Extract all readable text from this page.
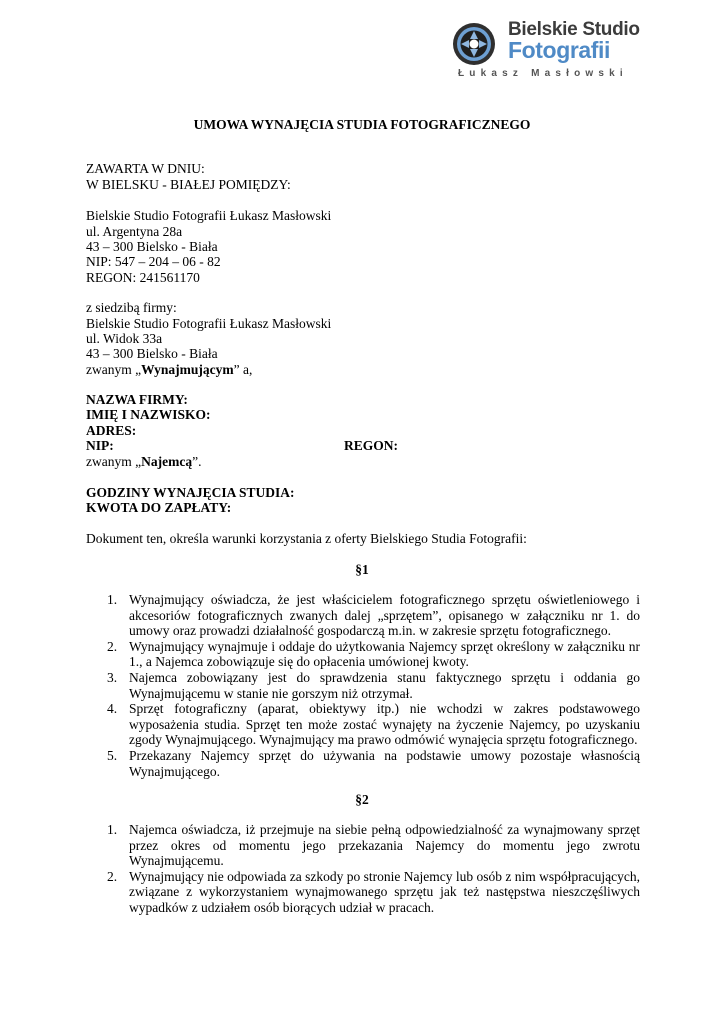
Bielskie Studio
Fotografii
Łukasz Masłowski
UMOWA WYNAJĘCIA STUDIA FOTOGRAFICZNEGO
ZAWARTA W DNIU:
W BIELSKU - BIAŁEJ POMIĘDZY:
Bielskie Studio Fotografii Łukasz Masłowski
ul. Argentyna 28a
43 – 300 Bielsko - Biała
NIP: 547 – 204 – 06 - 82
REGON: 241561170
z siedzibą firmy:
Bielskie Studio Fotografii Łukasz Masłowski
ul. Widok 33a
43 – 300 Bielsko - Biała
zwanym „Wynajmującym” a,
NAZWA FIRMY:
IMIĘ I NAZWISKO:
ADRES:
NIP:	REGON:
zwanym „Najemcą”.
GODZINY WYNAJĘCIA STUDIA:
KWOTA DO ZAPŁATY:
Dokument ten, określa warunki korzystania z oferty Bielskiego Studia Fotografii:
§1
1. Wynajmujący oświadcza, że jest właścicielem fotograficznego sprzętu oświetleniowego i akcesoriów fotograficznych zwanych dalej „sprzętem”, opisanego w załączniku nr 1. do umowy oraz prowadzi działalność gospodarczą m.in. w zakresie sprzętu fotograficznego.
2. Wynajmujący wynajmuje i oddaje do użytkowania Najemcy sprzęt określony w załączniku nr 1., a Najemca zobowiązuje się do opłacenia umówionej kwoty.
3. Najemca zobowiązany jest do sprawdzenia stanu faktycznego sprzętu i oddania go Wynajmującemu w stanie nie gorszym niż otrzymał.
4. Sprzęt fotograficzny (aparat, obiektywy itp.) nie wchodzi w zakres podstawowego wyposażenia studia. Sprzęt ten może zostać wynajęty na życzenie Najemcy, po uzyskaniu zgody Wynajmującego. Wynajmujący ma prawo odmówić wynajęcia sprzętu fotograficznego.
5. Przekazany Najemcy sprzęt do używania na podstawie umowy pozostaje własnością Wynajmującego.
§2
1. Najemca oświadcza, iż przejmuje na siebie pełną odpowiedzialność za wynajmowany sprzęt przez okres od momentu jego przekazania Najemcy do momentu jego zwrotu Wynajmującemu.
2. Wynajmujący nie odpowiada za szkody po stronie Najemcy lub osób z nim współpracujących, związane z wykorzystaniem wynajmowanego sprzętu jak też następstwa nieszczęśliwych wypadków z udziałem osób biorących udział w pracach.
